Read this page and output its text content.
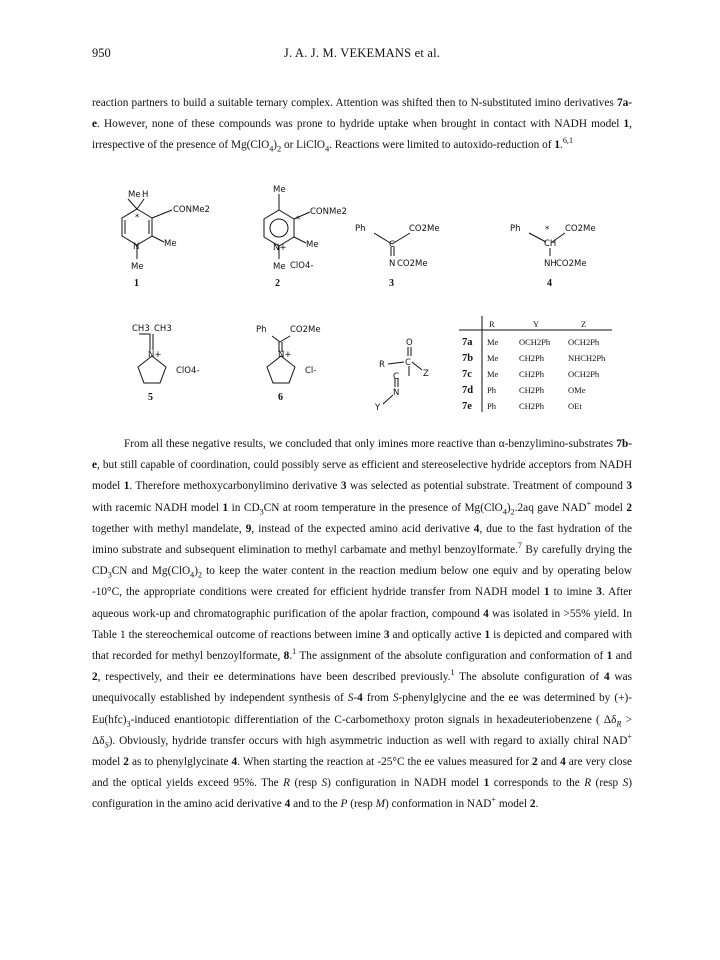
950	J. A. J. M. VEKEMANS et al.

reaction partners to build a suitable ternary complex. Attention was shifted then to N-substituted imino derivatives 7a-e. However, none of these compounds was prone to hydride uptake when brought in contact with NADH model 1, irrespective of the presence of $Mg(ClO_4)_2$ or LiClO$_4$. Reactions were limited to autoxido-reduction of 1.$^{6,1}$

Me H
*
CONMe2
N	Me
Me
1
Me
*
CONMe2
N+ Me
Me ClO4-
2
Ph	CO2Me
C
N CO2Me
3
Ph	* CO2Me
CH
NH CO2Me
4
CH3 CH3
N+
ClO4-
5
Ph	CO2Me
N+
Cl-
6
O
R C
C	Z
N
Y
R	Y	Z
7a Me OCH2Ph OCH2Ph
7b Me CH2Ph	NHCH2Ph
7c Me CH2Ph	OCH2Ph
7d Ph	CH2Ph	OMe
7e Ph	CH2Ph	OEt

From all these negative results, we concluded that only imines more reactive than α-benzylimino-substrates 7b-e, but still capable of coordination, could possibly serve as efficient and stereoselective hydride acceptors from NADH model 1. Therefore methoxycarbonylimino derivative 3 was selected as potential substrate. Treatment of compound 3 with racemic NADH model 1 in $CD_3CN$ at room temperature in the presence of $Mg(ClO_4)_2.2aq$ gave NAD+ model 2 together with methyl mandelate, 9, instead of the expected amino acid derivative 4, due to the fast hydration of the imino substrate and subsequent elimination to methyl carbamate and methyl benzoylformate.$^7$ By carefully drying the $CD_3CN$ and $Mg(ClO_4)_2$ to keep the water content in the reaction medium below one equiv and by operating below -10°C, the appropriate conditions were created for efficient hydride transfer from NADH model 1 to imine 3. After aqueous work-up and chromatographic purification of the apolar fraction, compound 4 was isolated in >55% yield. In Table 1 the stereochemical outcome of reactions between imine 3 and optically active 1 is depicted and compared with that recorded for methyl benzoylformate, 8.$^1$ The assignment of the absolute configuration and conformation of 1 and 2, respectively, and their ee determinations have been described previously.$^1$ The absolute configuration of 4 was unequivocally established by independent synthesis of S-4 from S-phenylglycine and the ee was determined by $(+)-Eu(hfc)_3$-induced enantiotopic differentiation of the C-carbomethoxy proton signals in hexadeuteriobenzene ( $\Delta\delta_R > \Delta\delta_S$). Obviously, hydride transfer occurs with high asymmetric induction as well with regard to axially chiral NAD+ model 2 as to phenylglycinate 4. When starting the reaction at -25°C the ee values measured for 2 and 4 are very close and the optical yields exceed 95%. The R (resp S) configuration in NADH model 1 corresponds to the R (resp S) configuration in the amino acid derivative 4 and to the P (resp M) conformation in NAD+ model 2.
